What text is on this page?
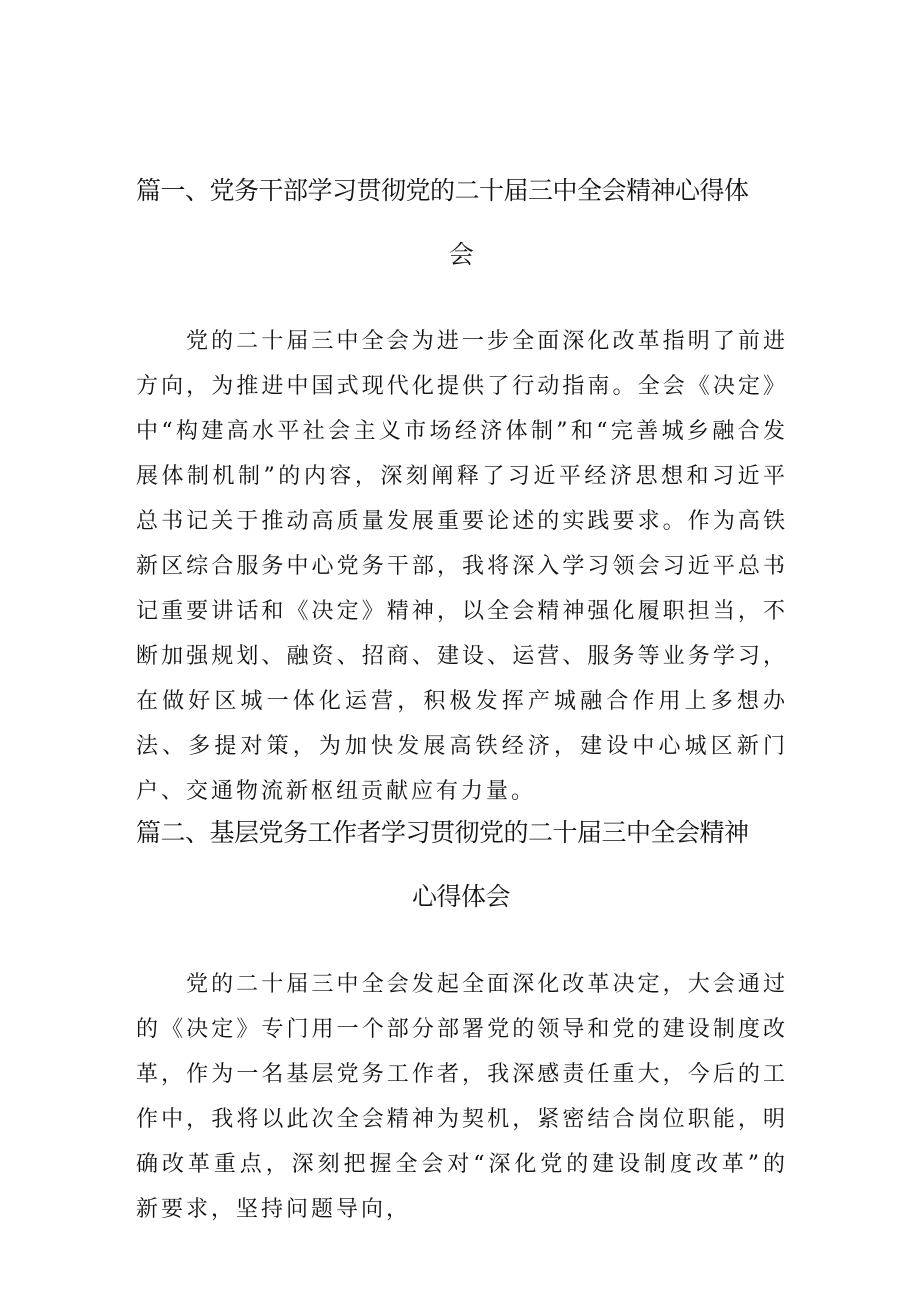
篇一、党务干部学习贯彻党的二十届三中全会精神心得体
会

党的二十届三中全会为进一步全面深化改革指明了前进方向，为推进中国式现代化提供了行动指南。全会《决定》中“构建高水平社会主义市场经济体制”和“完善城乡融合发展体制机制”的内容，深刻阐释了习近平经济思想和习近平总书记关于推动高质量发展重要论述的实践要求。作为高铁新区综合服务中心党务干部，我将深入学习领会习近平总书记重要讲话和《决定》精神，以全会精神强化履职担当，不断加强规划、融资、招商、建设、运营、服务等业务学习，在做好区城一体化运营，积极发挥产城融合作用上多想办法、多提对策，为加快发展高铁经济，建设中心城区新门户、交通物流新枢纽贡献应有力量。

篇二、基层党务工作者学习贯彻党的二十届三中全会精神
心得体会

党的二十届三中全会发起全面深化改革决定，大会通过的《决定》专门用一个部分部署党的领导和党的建设制度改革，作为一名基层党务工作者，我深感责任重大，今后的工作中，我将以此次全会精神为契机，紧密结合岗位职能，明确改革重点，深刻把握全会对“深化党的建设制度改革”的新要求，坚持问题导向，
